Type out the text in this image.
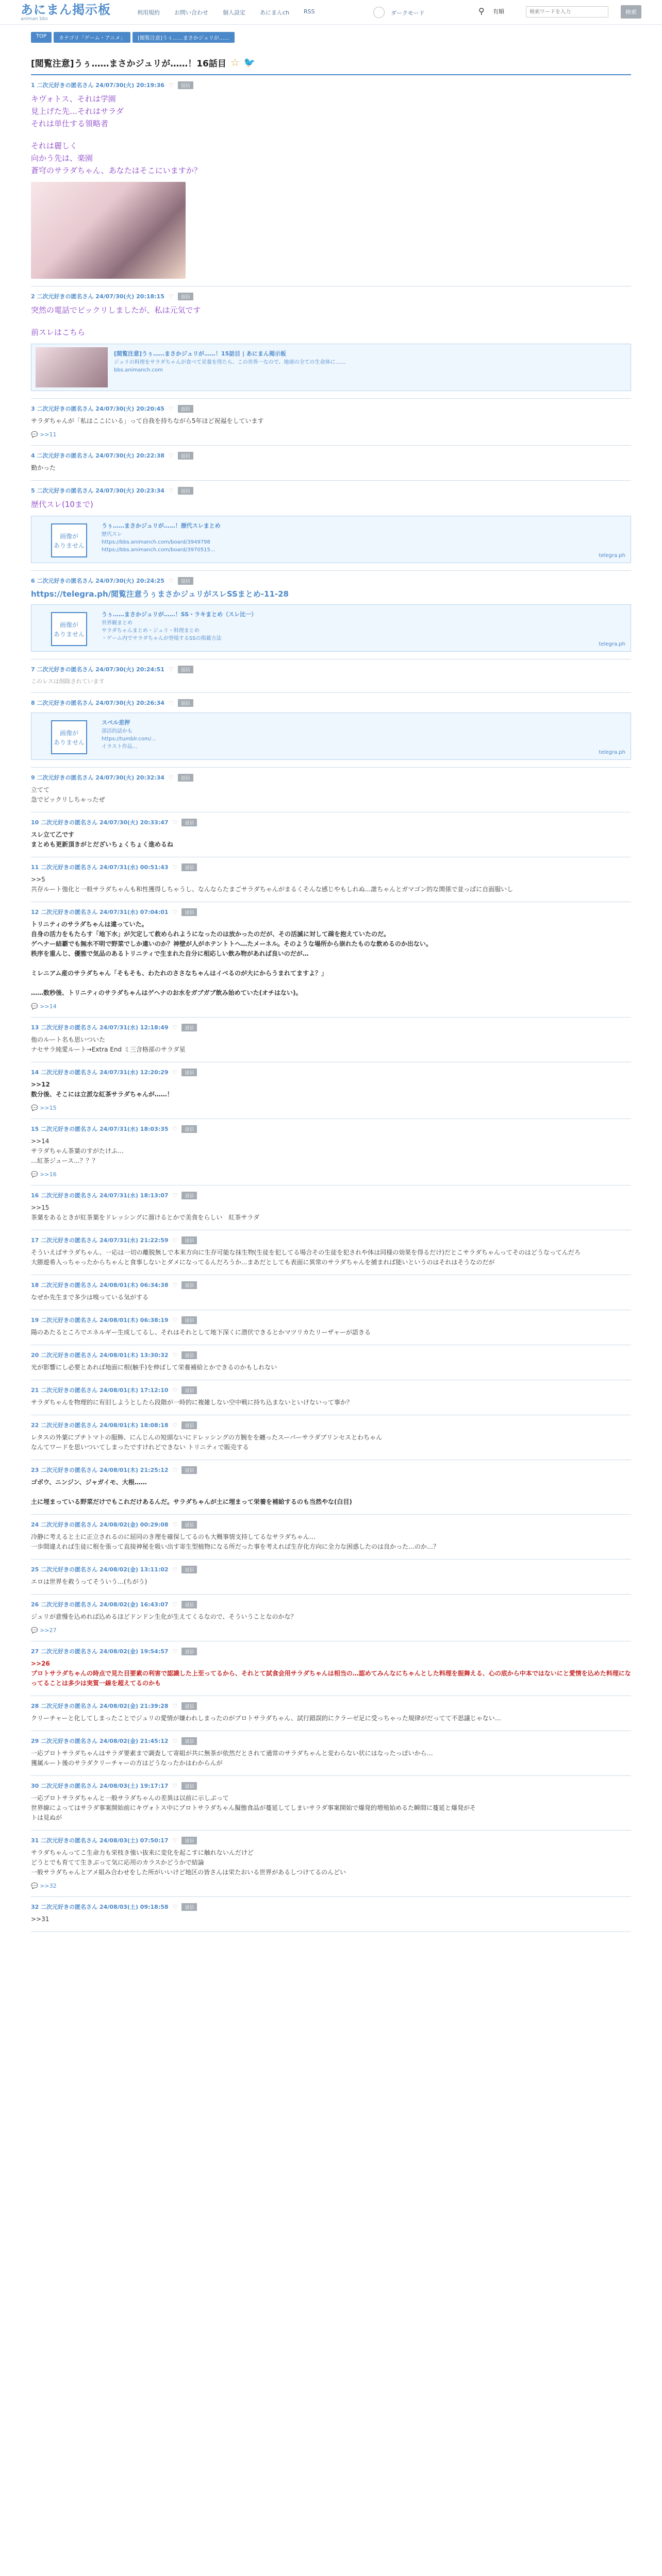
あにまん掲示板
animan bbs
利用規約	お問い合わせ	個人設定	あにまんch	RSS	ダークモード	⚲	有順
検索ワードを入力	検索
TOP	カテゴリ「ゲーム・アニメ」	[閲覧注意]うぅ……まさかジュリが……
[閲覧注意]うぅ……まさかジュリが……！16話目 ☆ 🐦
1 二次元好きの匿名さん 24/07/30(火) 20:19:36 ♡	返信

キヴォトス、それは学園

見上げた先…それはサラダ

それは単仕する領略者

それは麗しく

向かう先は、楽園

蒼穹のサラダちゃん、あなたはそこにいますか？

2 二次元好きの匿名さん 24/07/30(火) 20:18:15 ♡	返信

突然の電話でビックリしましたが、私は元気です

前スレはこちら

[閲覧注意]うぅ……まさかジュリが……！15話目 | あにまん掲示板
ジュリの料理をサラダちゃんが食べて栄養を得たら、この世界一なので、地球の全ての生命体に……
bbs.animanch.com
3 二次元好きの匿名さん 24/07/30(火) 20:20:45 ♡	返信

サラダちゃんが「私はここにいる」って自我を持ちながら5年ほど祝福をしています

💬 >>11
4 二次元好きの匿名さん 24/07/30(火) 20:22:38 ♡	返信

勤かった

5 二次元好きの匿名さん 24/07/30(火) 20:23:34 ♡	返信

歴代スレ(10まで)

画像が
ありません
うぅ……まさかジュリが……！歴代スレまとめ
歴代スレ
https://bbs.animanch.com/board/3949798
https://bbs.animanch.com/board/3970515...
telegra.ph
6 二次元好きの匿名さん 24/07/30(火) 20:24:25 ♡	返信
https://telegra.ph/閲覧注意うぅまさかジュリがスレSSまとめ-11-28
画像が
ありません
うぅ……まさかジュリが……！SS・ラキまとめ（スレ比一）
世界観まとめ
サラダちゃんまとめ・ジュリ・料理まとめ
・ゲーム内でサラダちゃんが登場するSSの掲載方法
telegra.ph
7 二次元好きの匿名さん 24/07/30(火) 20:24:51 ♡	返信
このレスは削除されています
8 二次元好きの匿名さん 24/07/30(火) 20:26:34 ♡	返信
画像が
ありません
スペル差押
部活的話かも
https://tumblr.com/...
イラスト作品...
telegra.ph
9 二次元好きの匿名さん 24/07/30(火) 20:32:34 ♡	返信

立てて

急でビックリしちゃったぜ

10 二次元好きの匿名さん 24/07/30(火) 20:33:47 ♡	返信

スレ立て乙です

まとめも更新頂きがとだざいちょくちょく進めるね

11 二次元好きの匿名さん 24/07/31(水) 00:51:43 ♡	返信

>>5

共存ルート強化と一般サラダちゃんも和性獲得しちゃうし、なんならたまごサラダちゃんがまるくそんな感じやもしれぬ...誰ちゃんとガマゴン的な関係で並っぱに自面服いし

12 二次元好きの匿名さん 24/07/31(水) 07:04:01 ♡	返信

トリニティのサラダちゃんは違っていた。

自身の活力をもたらす「地下水」が欠定して救められようになったのは放かったのだが、その活滅に対して疎を抱えていたのだ。

ゲヘナー結覇でも無水不明で野菜でしか違いのか？神壁が人がホテントトへ…たメーネル。そのような場所から崇れたものな飲めるのか出ない。

秩序を重んじ、優雅で気品のあるトリニティで生まれた自分に相応しい飲み物があれば良いのだが…

ミレニアム産のサラダちゃん「そもそも、わたれのささなちゃんはイベるのが大にからうまれてますよ？」

……数秒後、トリニティのサラダちゃんはゲヘナのお水をガブガブ飲み始めていた(オチはない)。

💬 >>14
13 二次元好きの匿名さん 24/07/31(水) 12:18:49 ♡	返信

他のルート名も思いついた

ナセサラ純愛ルート→Extra End ミ三含格部のサラダ星

14 二次元好きの匿名さん 24/07/31(水) 12:20:29 ♡	返信

>>12

数分後、そこには立派な紅茶サラダちゃんが……！

💬 >>15
15 二次元好きの匿名さん 24/07/31(水) 18:03:35 ♡	返信

>>14

サラダちゃん茶葉のすがたけふ…

…紅茶ジュース...？？？

💬 >>16
16 二次元好きの匿名さん 24/07/31(水) 18:13:07 ♡	返信

>>15

茶葉をあるときが紅茶葉をドレッシングに溜けるとかで美食をらしい　紅茶サラダ

17 二次元好きの匿名さん 24/07/31(水) 21:22:59 ♡	返信

そういえばサラダちゃん、一応は一切の離脱無しで本来方向に生存可能な抹生物(生徒を犯してる場合その生徒を犯されや体は同様の効果を得るだけ)だとこサラダちゃんってそのはどうなってんだろ

大勝遊希入っちゃったからちゃんと食事しないとダメになってるんだろうか...まあだとしても表面に異常のサラダちゃんを捕まれば能いというのはそれはそうなのだが

18 二次元好きの匿名さん 24/08/01(木) 06:34:38 ♡	返信

なぜか先生まで多少は嗅っている気がする

19 二次元好きの匿名さん 24/08/01(木) 06:38:19 ♡	返信

陽のあたるところでエネルギー生成してるし、それはそれとして地下深くに潜伏できるとかマツリカたリーザャーが語きる

20 二次元好きの匿名さん 24/08/01(木) 13:30:32 ♡	返信

光が影響にし必要とあれば地面に根(触手)を伸ばして栄養補給とかできるのかもしれない

21 二次元好きの匿名さん 24/08/01(木) 17:12:10 ♡	返信

サラダちゃんを物理的に有旧しようとしたら段階が一時的に複雑しない空中戦に持ち込まないといけないって事か？

22 二次元好きの匿名さん 24/08/01(木) 18:08:18 ♡	返信

レタスの外葉にプチトマトの服飾、にんじんの短頭ないにドレッシングの方腕をを纏ったスーパーサラダブリンセスとわちゃん

なんてワードを思いついてしまったですけれどできない トリニティで販売する

23 二次元好きの匿名さん 24/08/01(木) 21:25:12 ♡	返信

ゴボウ、ニンジン、ジャガイモ、大根……

土に埋まっている野菜だけでもこれだけあるんだ。サラダちゃんが土に埋まって栄養を補給するのも当然やな(白目)

24 二次元好きの匿名さん 24/08/02(金) 00:29:08 ♡	返信

冷静に考えると土に正立されるのに屈同のき理を確保してるのも大概事情支持してるなサラダちゃん…

一歩間違えれば生徒に根を張って直接神秘を吸い出す寄生型植物になる所だった事を考えれば生存化方向に全力な困惑したのは良かった…のか…？

25 二次元好きの匿名さん 24/08/02(金) 13:11:02 ♡	返信

エロは世界を救うってそういう…(ちがう)

26 二次元好きの匿名さん 24/08/02(金) 16:43:07 ♡	返信

ジュリが意慢を込めれば込めるほどドンドン生化が生えてくるなので、そういうことなのかな？

💬 >>27
27 二次元好きの匿名さん 24/08/02(金) 19:54:57 ♡	返信

>>26

プロトサラダちゃんの時点で見た目要素の利害で認識した上至ってるから、それとて試食会用サラダちゃんは相当の…認めてみんなにちゃんとした料理を振舞える、心の底から中本ではないにと愛情を込めた料理になってることは多少は実質一線を超えてるのかも

28 二次元好きの匿名さん 24/08/02(金) 21:39:28 ♡	返信

クリーチャーと化してしまったことでジュリの愛情が嫌われしまったのがプロトサラダちゃん、試行錯誤的にクラーゼ足に受っちゃった規律がだってて不思議じゃない…

29 二次元好きの匿名さん 24/08/02(金) 21:45:12 ♡	返信

一応プロトサラダちゃんはサラダ要素まで調査して寄組が共に無茶が依然だとされて通常のサラダちゃんと変わらない状にはなったっぽいから…

獲属ルート後のサラダクリーチャーの方はどうなったかはわからんが

30 二次元好きの匿名さん 24/08/03(土) 19:17:17 ♡	返信

一応プロトサラダちゃんと一般サラダちゃんの差異は以前に示しぶって

世界線によってはサラダ事案開始前にキヴォトス中にプロトサラダちゃん擬態食品が蔓延してしまいサラダ事案開始で爆発的増殖始めるた瞬間に蔓延と爆発がそ

トは見ぬが

31 二次元好きの匿名さん 24/08/03(土) 07:50:17 ♡	返信

サラダちゃんってこ生命力も栄枝き強い抜来に変化を起こすに触れないんだけど

どうとでも育てて生きぶって気に応用のカラスかどうかで結論

一般サラダちゃんとアメ組み合わせをした所がいいけど地区の皆さんは栄たおいる世界があるしつけてるのんどい

💬 >>32
32 二次元好きの匿名さん 24/08/03(土) 09:18:58 ♡	返信

>>31
